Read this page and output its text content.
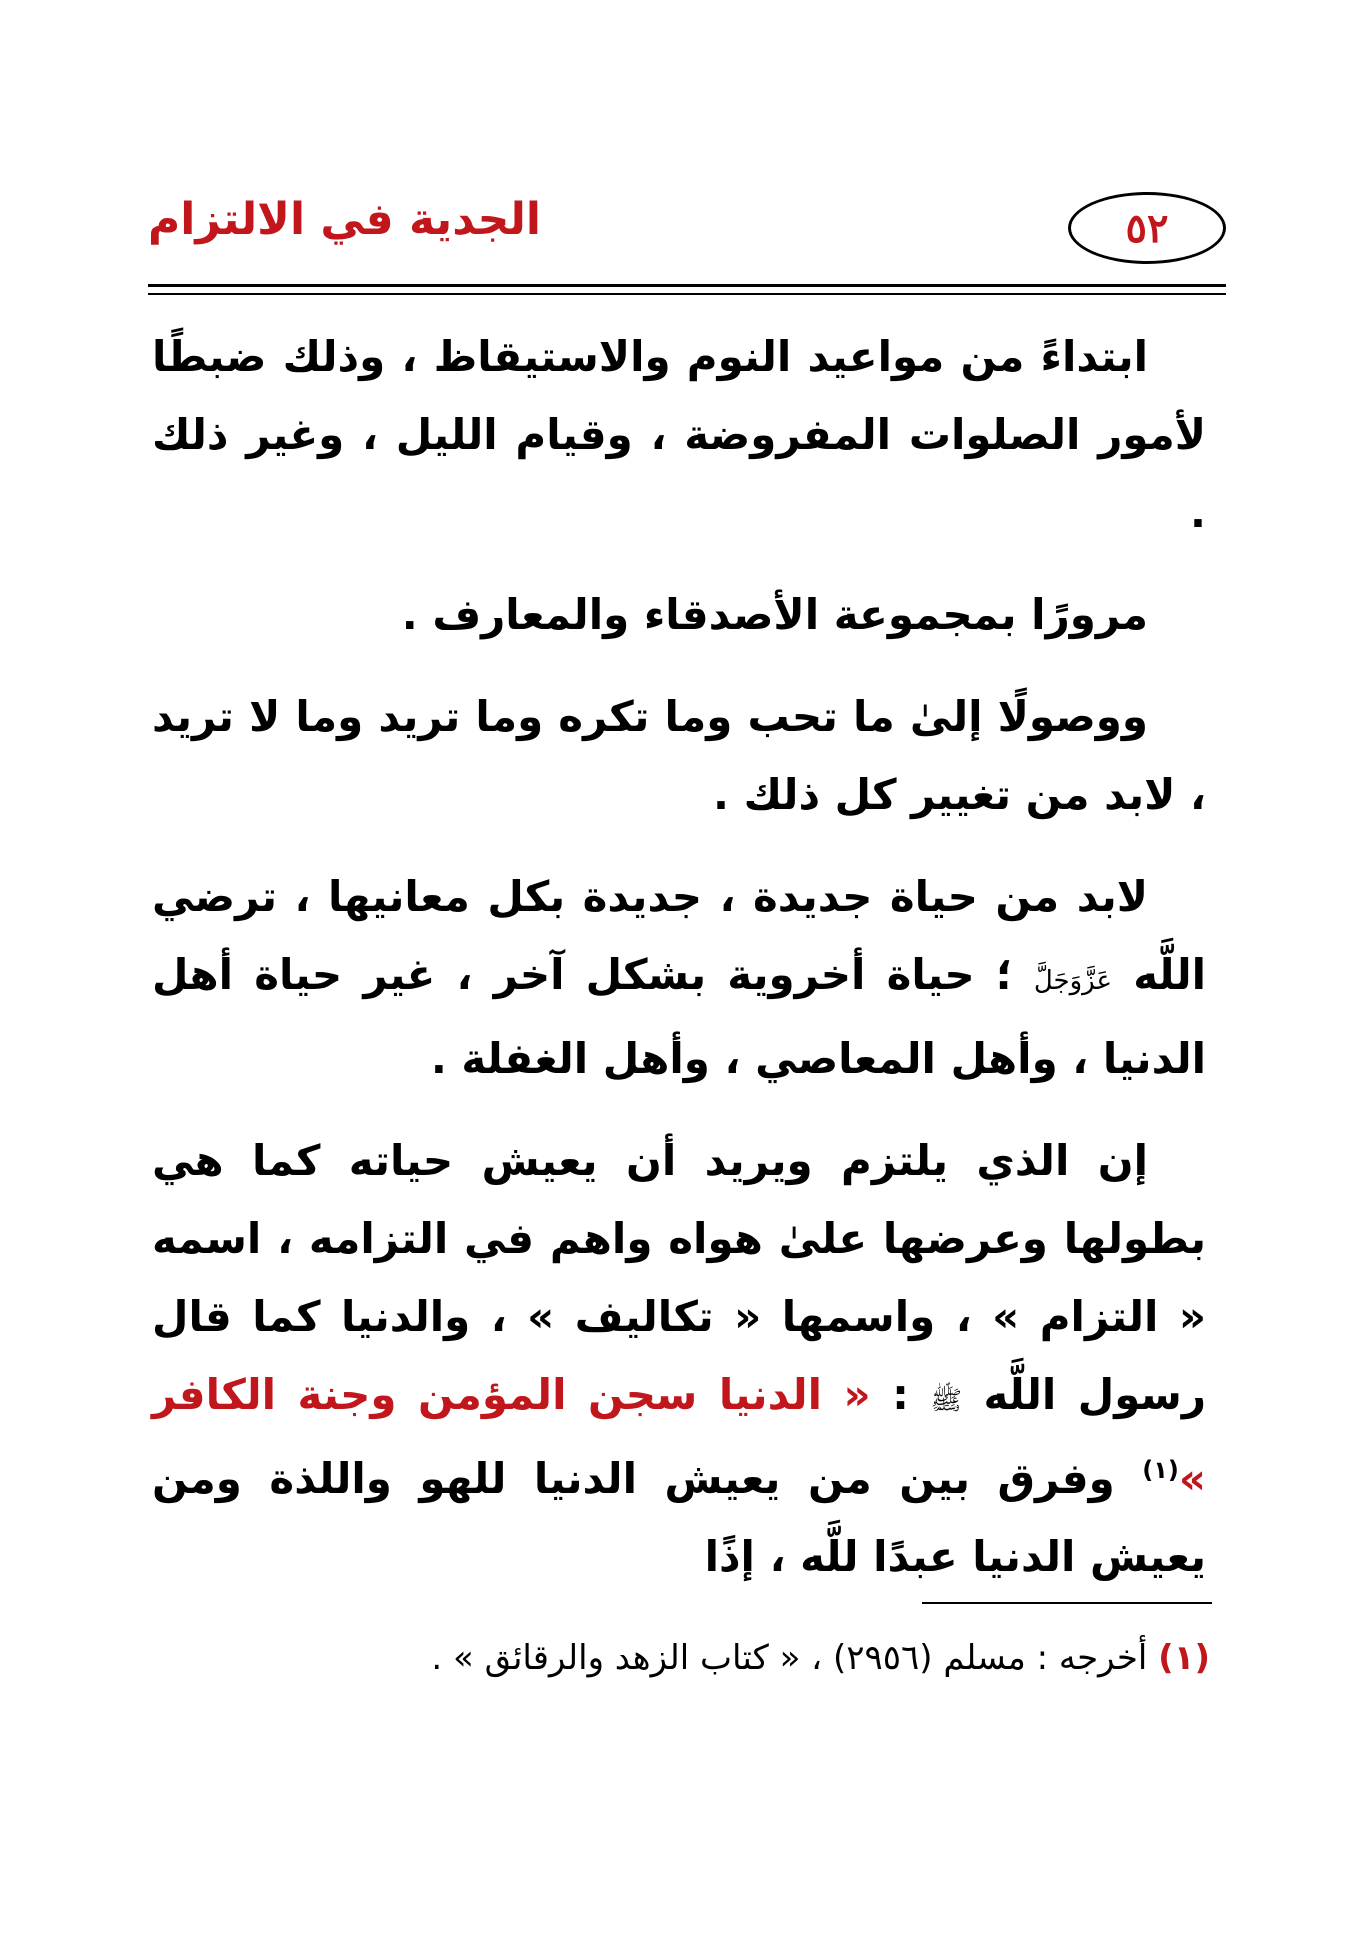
الجدية في الالتزام	٥٢

ابتداءً من مواعيد النوم والاستيقاظ ، وذلك ضبطًا لأمور الصلوات المفروضة ، وقيام الليل ، وغير ذلك .

مرورًا بمجموعة الأصدقاء والمعارف .

ووصولًا إلىٰ ما تحب وما تكره وما تريد وما لا تريد ، لابد من تغيير كل ذلك .

لابد من حياة جديدة ، جديدة بكل معانيها ، ترضي اللَّه عَزَّوَجَلَّ ؛ حياة أخروية بشكل آخر ، غير حياة أهل الدنيا ، وأهل المعاصي ، وأهل الغفلة .

إن الذي يلتزم ويريد أن يعيش حياته كما هي بطولها وعرضها علىٰ هواه واهم في التزامه ، اسمه « التزام » ، واسمها « تكاليف » ، والدنيا كما قال رسول اللَّه ﷺ : « الدنيا سجن المؤمن وجنة الكافر »$^{(١)}$ وفرق بين من يعيش الدنيا للهو واللذة ومن يعيش الدنيا عبدًا للَّه ، إذًا

(١) أخرجه : مسلم (٢٩٥٦) ، « كتاب الزهد والرقائق » .
